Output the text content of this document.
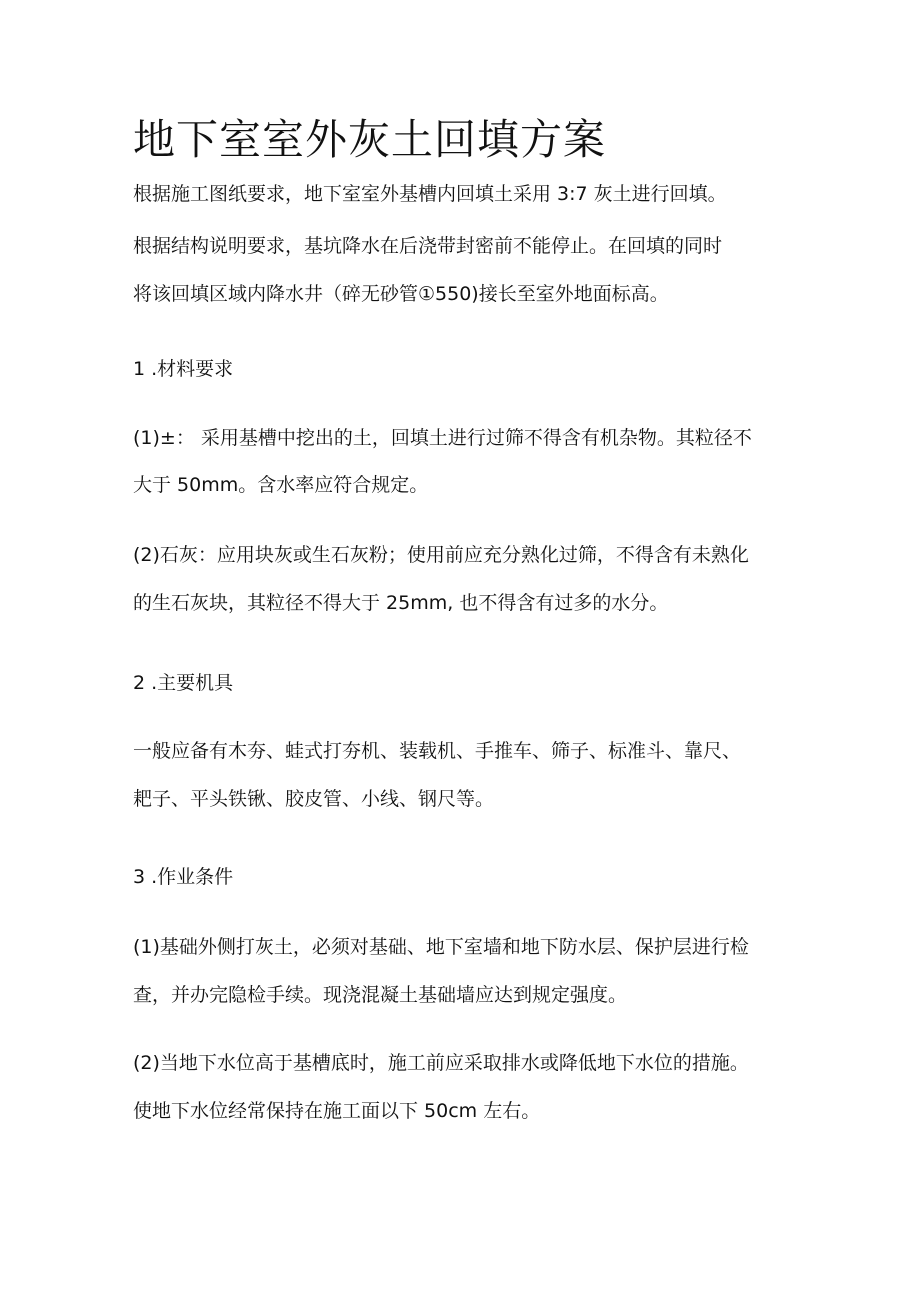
地下室室外灰土回填方案

根据施工图纸要求，地下室室外基槽内回填土采用 3:7 灰土进行回填。

根据结构说明要求，基坑降水在后浇带封密前不能停止。在回填的同时

将该回填区域内降水井（碎无砂管①550)接长至室外地面标高。

1 .材料要求

(1)±： 采用基槽中挖出的土，回填土进行过筛不得含有机杂物。其粒径不

大于 50mm。含水率应符合规定。

(2)石灰：应用块灰或生石灰粉；使用前应充分熟化过筛，不得含有未熟化

的生石灰块，其粒径不得大于 25mm, 也不得含有过多的水分。

2 .主要机具

一般应备有木夯、蛙式打夯机、装载机、手推车、筛子、标准斗、靠尺、

耙子、平头铁锹、胶皮管、小线、钢尺等。

3 .作业条件

(1)基础外侧打灰土，必须对基础、地下室墙和地下防水层、保护层进行检

查，并办完隐检手续。现浇混凝土基础墙应达到规定强度。

(2)当地下水位高于基槽底时，施工前应采取排水或降低地下水位的措施。

使地下水位经常保持在施工面以下 50cm 左右。
